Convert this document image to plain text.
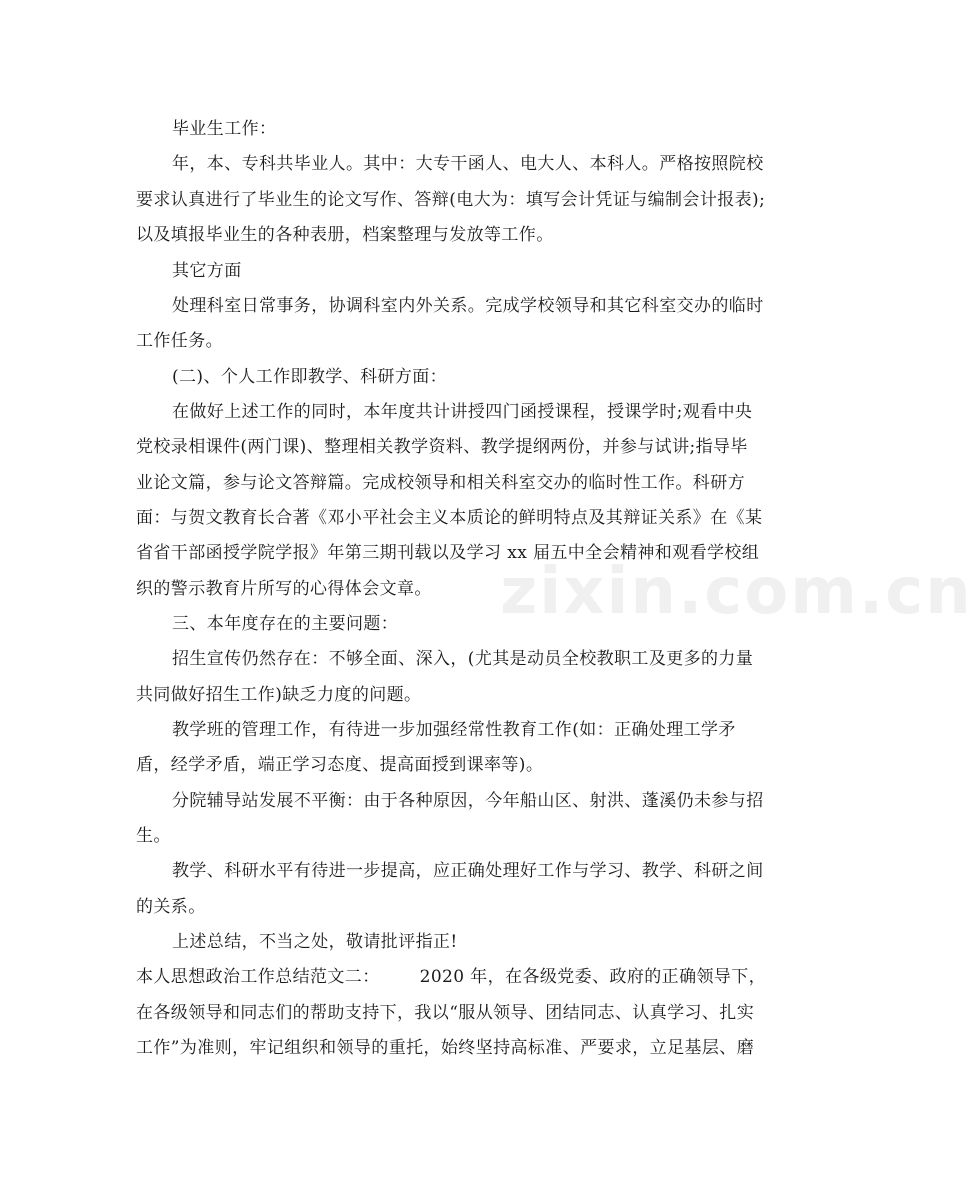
zixin.com.cn
毕业生工作：
年，本、专科共毕业人。其中：大专干函人、电大人、本科人。严格按照院校
要求认真进行了毕业生的论文写作、答辩(电大为：填写会计凭证与编制会计报表);
以及填报毕业生的各种表册，档案整理与发放等工作。
其它方面
处理科室日常事务，协调科室内外关系。完成学校领导和其它科室交办的临时
工作任务。
(二)、个人工作即教学、科研方面：
在做好上述工作的同时，本年度共计讲授四门函授课程，授课学时;观看中央
党校录相课件(两门课)、整理相关教学资料、教学提纲两份，并参与试讲;指导毕
业论文篇，参与论文答辩篇。完成校领导和相关科室交办的临时性工作。科研方
面：与贺文教育长合著《邓小平社会主义本质论的鲜明特点及其辩证关系》在《某
省省干部函授学院学报》年第三期刊载以及学习 xx 届五中全会精神和观看学校组
织的警示教育片所写的心得体会文章。
三、本年度存在的主要问题：
招生宣传仍然存在：不够全面、深入，(尤其是动员全校教职工及更多的力量
共同做好招生工作)缺乏力度的问题。
教学班的管理工作，有待进一步加强经常性教育工作(如：正确处理工学矛
盾，经学矛盾，端正学习态度、提高面授到课率等)。
分院辅导站发展不平衡：由于各种原因，今年船山区、射洪、蓬溪仍未参与招
生。
教学、科研水平有待进一步提高，应正确处理好工作与学习、教学、科研之间
的关系。
上述总结，不当之处，敬请批评指正!
本人思想政治工作总结范文二： 2020 年，在各级党委、政府的正确领导下，
在各级领导和同志们的帮助支持下，我以“服从领导、团结同志、认真学习、扎实
工作”为准则，牢记组织和领导的重托，始终坚持高标准、严要求，立足基层、磨
